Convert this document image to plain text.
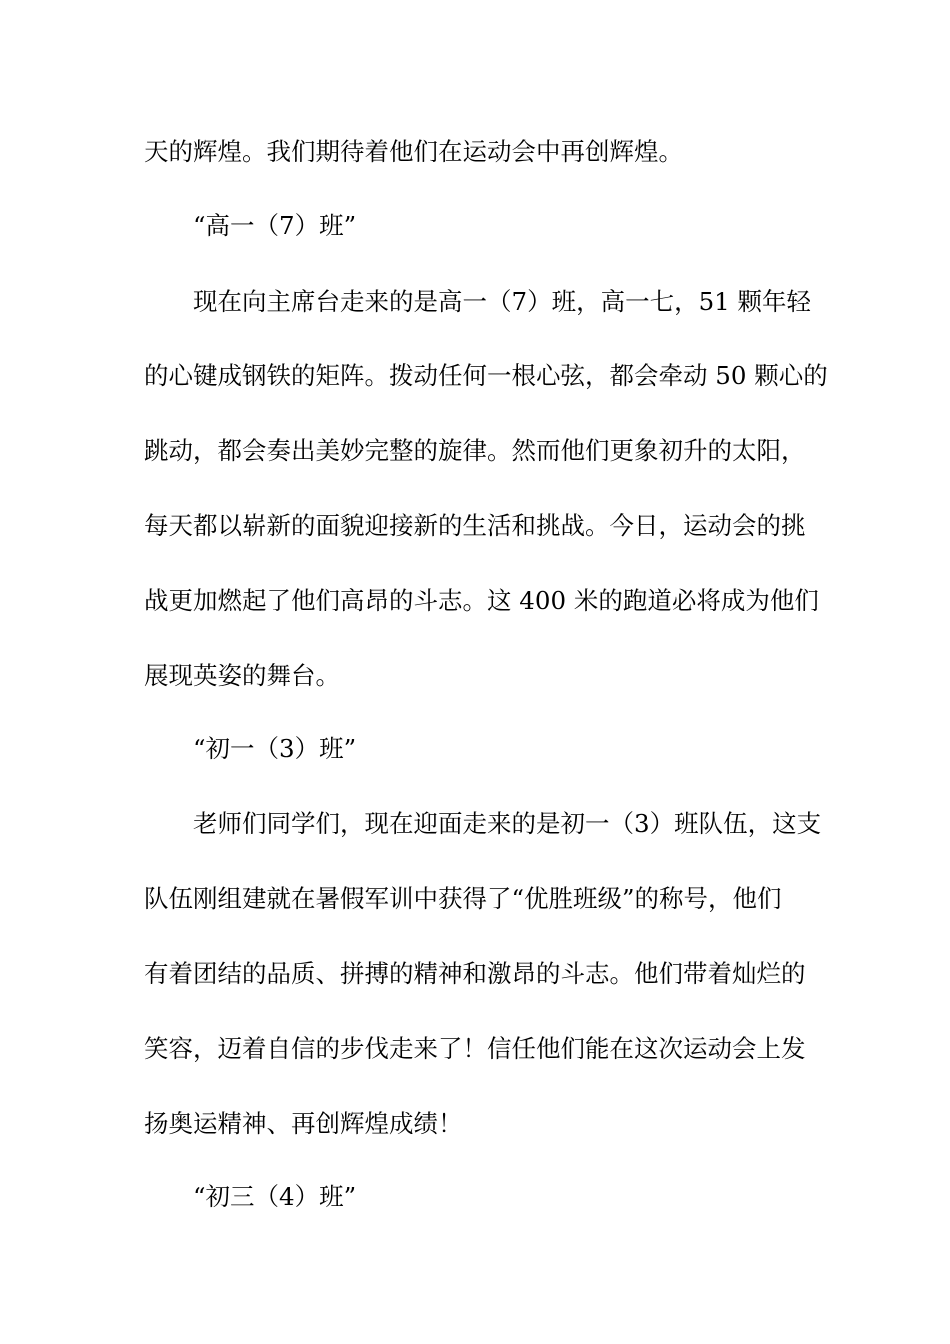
天的辉煌。我们期待着他们在运动会中再创辉煌。
“高一（7）班”
现在向主席台走来的是高一（7）班，高一七，51 颗年轻
的心键成钢铁的矩阵。拨动任何一根心弦，都会牵动 50 颗心的
跳动，都会奏出美妙完整的旋律。然而他们更象初升的太阳，
每天都以崭新的面貌迎接新的生活和挑战。今日，运动会的挑
战更加燃起了他们高昂的斗志。这 400 米的跑道必将成为他们
展现英姿的舞台。
“初一（3）班”
老师们同学们，现在迎面走来的是初一（3）班队伍，这支
队伍刚组建就在暑假军训中获得了“优胜班级”的称号，他们
有着团结的品质、拼搏的精神和激昂的斗志。他们带着灿烂的
笑容，迈着自信的步伐走来了！信任他们能在这次运动会上发
扬奥运精神、再创辉煌成绩！
“初三（4）班”
